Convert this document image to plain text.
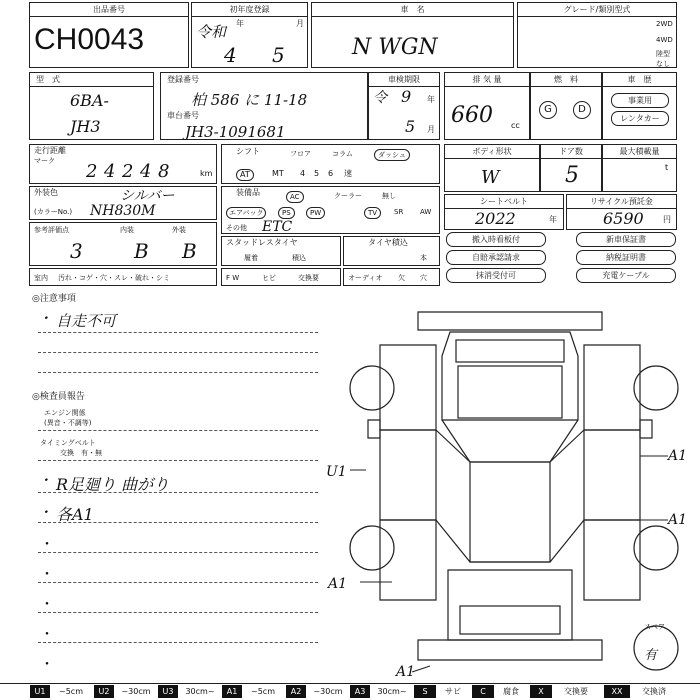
出品番号
CH0043
初年度登録
令和 年	月
4 5
車　名
N WGN
グレード/類別型式
2WD
4WD
陸型
なし
型　式
6BA-
JH3
登録番号
柏 586 に 11-18
車台番号
JH3-1091681
車検期限
令 9 年
5 月
排 気 量
660 cc
燃　料
G	D
車　歴
事業用
レンタカー
走行距離
マーク 2 4 2 4 8	km
シフト	フロア	コラム	ダッシュ
AT	MT 4 5 6 速
ボディ形状
W
ドア数
5
最大積載量
t
外装色	シルバー
(カラーNo.) NH830M
装備品	AC	クーラー	無し
エアバック	PS	PW	TV	SR AW
その他 ETC
シートベルト
2022	年
リサイクル預託金
6590 円
参考評価点
3
内装
B
外装
B	スタッドレスタイヤ
履着	積込
タイヤ積込
本
搬入時看板付
自賠承認請求
抹消受付可
新車保証書
納税証明書
充電ケーブル
室内 汚れ・コゲ・穴・スレ・破れ・シミ	F W	ヒビ	交換要	オーディオ 欠 穴
◎注意事項
・ 自走不可
◎検査員報告
エンジン関係
(異音・不調等)
タイミングベルト
交換　有・無
・ R足廻り 曲がり
・ 各A1
・
・
・
・
・
U1
A1
A1
A1
A1
スペア
有
U1	~5cm	U2	~30cm	U3	30cm~	A1	~5cm	A2	~30cm	A3	30cm~	S	サビ	C	腐食	X	交換要	XX	交換済
